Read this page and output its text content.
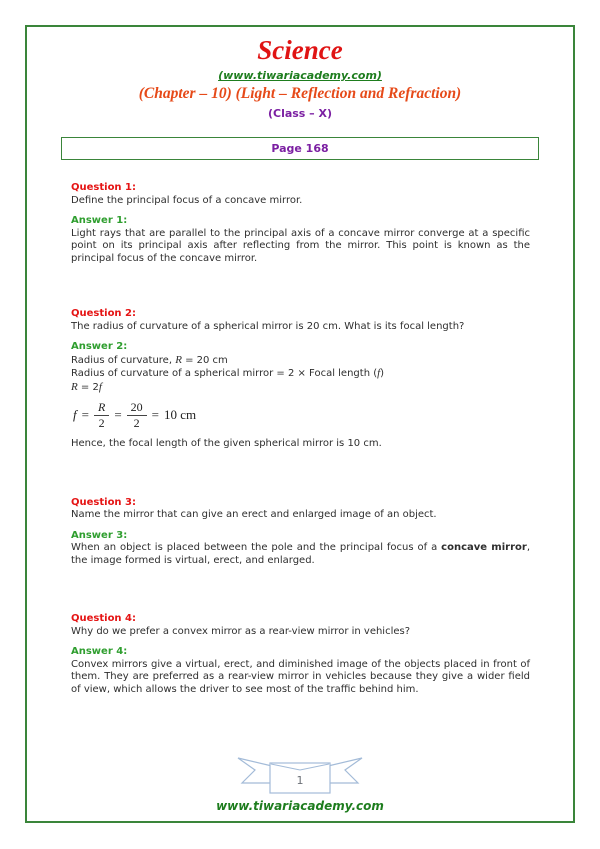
Science
(www.tiwariacademy.com)
(Chapter – 10) (Light – Reflection and Refraction)
(Class – X)
Page 168
Question 1:

Define the principal focus of a concave mirror.

Answer 1:

Light rays that are parallel to the principal axis of a concave mirror converge at a specific point on its principal axis after reflecting from the mirror. This point is known as the principal focus of the concave mirror.

Question 2:

The radius of curvature of a spherical mirror is 20 cm. What is its focal length?

Answer 2:

Radius of curvature, R = 20 cm

Radius of curvature of a spherical mirror = 2 × Focal length (f)

R = 2f

$f = \frac{R}{2} = \frac{20}{2} = 10$ cm

Hence, the focal length of the given spherical mirror is 10 cm.

Question 3:

Name the mirror that can give an erect and enlarged image of an object.

Answer 3:

When an object is placed between the pole and the principal focus of a concave mirror, the image formed is virtual, erect, and enlarged.

Question 4:

Why do we prefer a convex mirror as a rear-view mirror in vehicles?

Answer 4:

Convex mirrors give a virtual, erect, and diminished image of the objects placed in front of them. They are preferred as a rear-view mirror in vehicles because they give a wider field of view, which allows the driver to see most of the traffic behind him.

1
www.tiwariacademy.com
